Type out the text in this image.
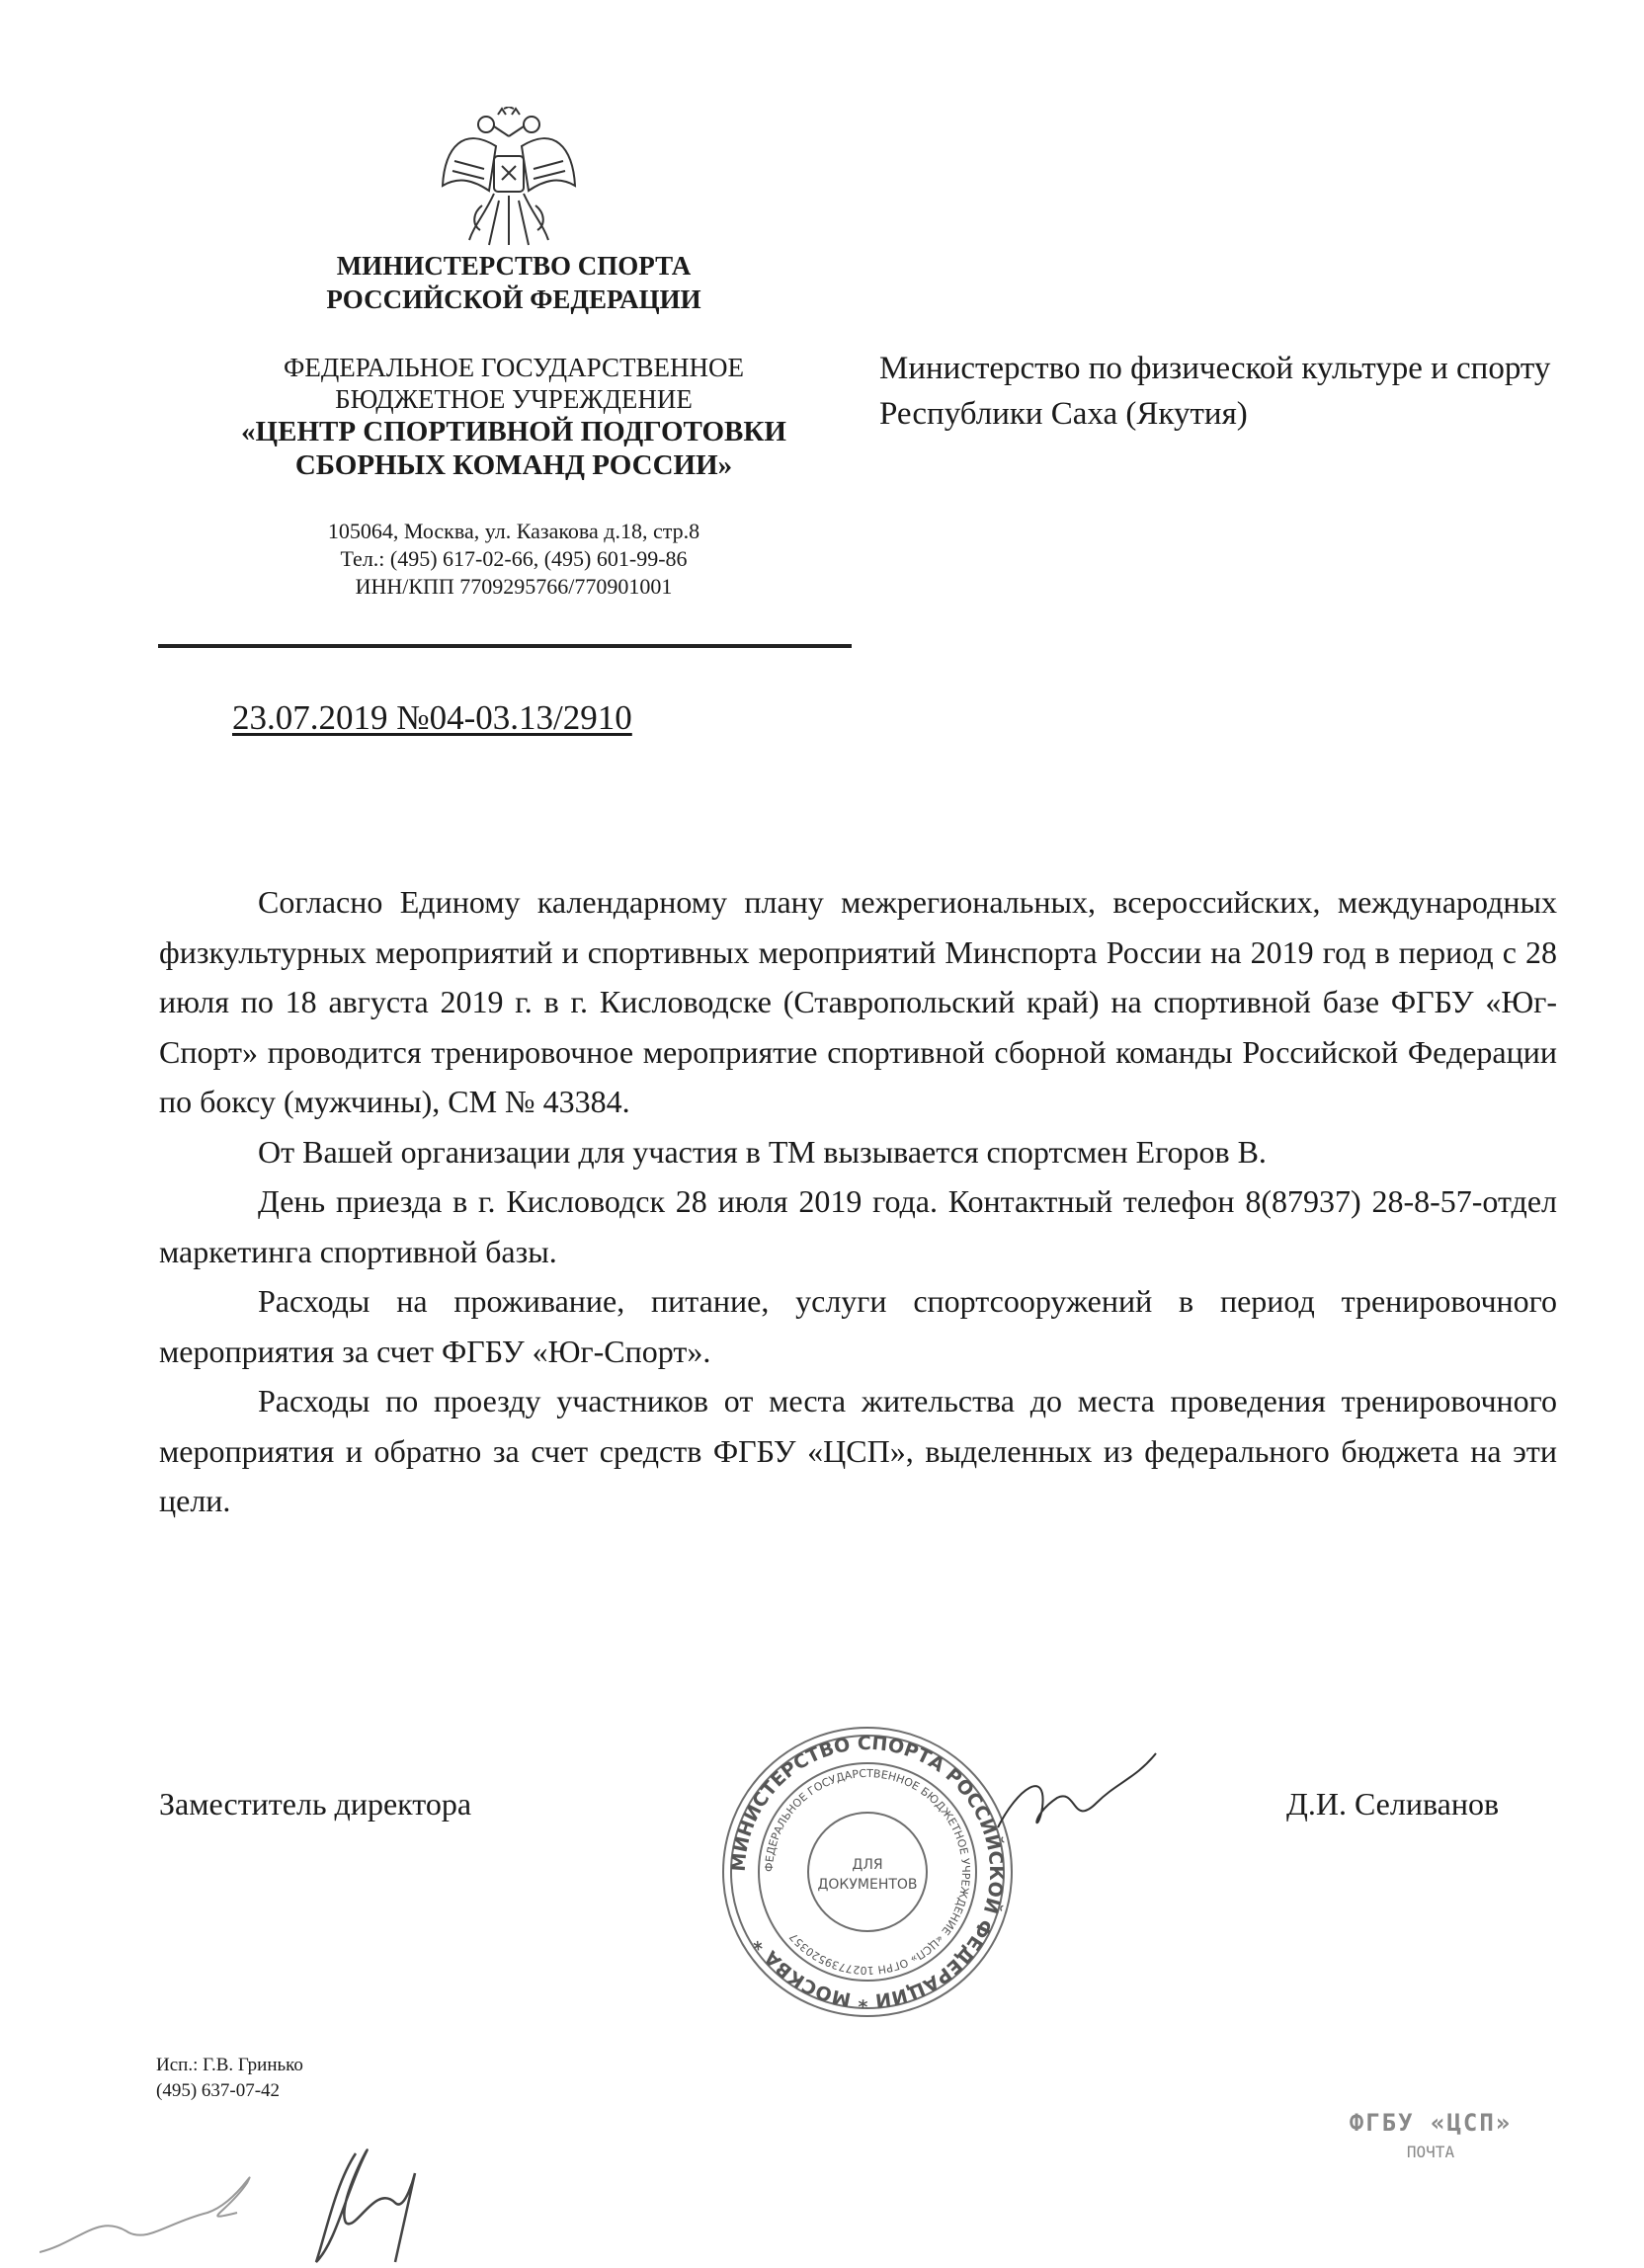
МИНИСТЕРСТВО СПОРТА
РОССИЙСКОЙ ФЕДЕРАЦИИ
ФЕДЕРАЛЬНОЕ ГОСУДАРСТВЕННОЕ
БЮДЖЕТНОЕ УЧРЕЖДЕНИЕ
«ЦЕНТР СПОРТИВНОЙ ПОДГОТОВКИ
СБОРНЫХ КОМАНД РОССИИ»
105064, Москва, ул. Казакова д.18, стр.8
Тел.: (495) 617-02-66, (495) 601-99-86
ИНН/КПП 7709295766/770901001
23.07.2019 №04-03.13/2910
Министерство по физической культуре и спорту Республики Саха (Якутия)

Согласно Единому календарному плану межрегиональных, всероссийских, международных физкультурных мероприятий и спортивных мероприятий Минспорта России на 2019 год в период с 28 июля по 18 августа 2019 г. в г. Кисловодске (Ставропольский край) на спортивной базе ФГБУ «Юг-Спорт» проводится тренировочное мероприятие спортивной сборной команды Российской Федерации по боксу (мужчины), СМ № 43384.

От Вашей организации для участия в ТМ вызывается спортсмен Егоров В.

День приезда в г. Кисловодск 28 июля 2019 года. Контактный телефон 8(87937) 28-8-57-отдел маркетинга спортивной базы.

Расходы на проживание, питание, услуги спортсооружений в период тренировочного мероприятия за счет ФГБУ «Юг-Спорт».

Расходы по проезду участников от места жительства до места проведения тренировочного мероприятия и обратно за счет средств ФГБУ «ЦСП», выделенных из федерального бюджета на эти цели.

Заместитель директора	Д.И. Селиванов
МИНИСТЕРСТВО СПОРТА РОССИЙСКОЙ ФЕДЕРАЦИИ * МОСКВА *
ФЕДЕРАЛЬНОЕ ГОСУДАРСТВЕННОЕ БЮДЖЕТНОЕ УЧРЕЖДЕНИЕ «ЦСП» ОГРН 1027739520357
ДЛЯ
ДОКУМЕНТОВ
Исп.: Г.В. Гринько
(495) 637-07-42
ФГБУ «ЦСП»
ПОЧТА
